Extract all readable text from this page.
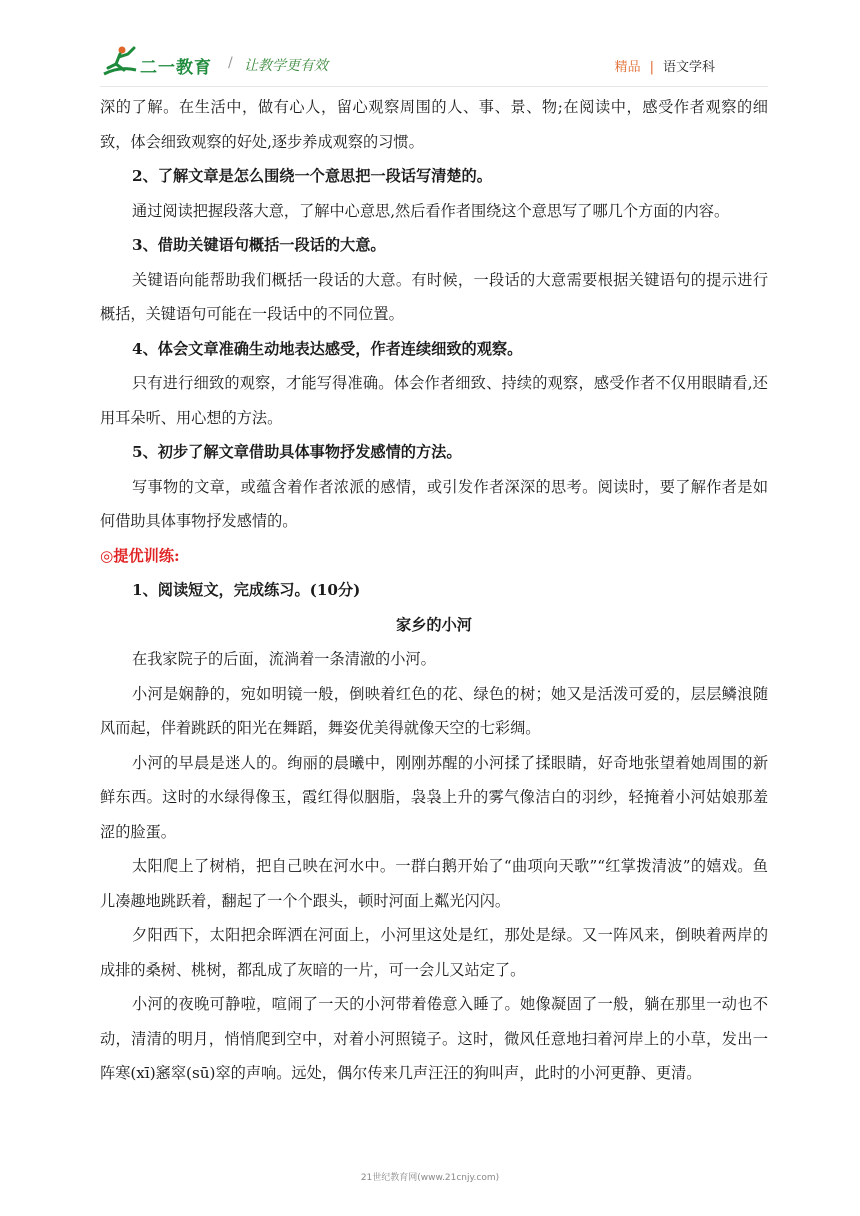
二一教育 / 让教学更有效	精品 | 语文学科

深的了解。在生活中，做有心人，留心观察周围的人、事、景、物;在阅读中，感受作者观察的细致，体会细致观察的好处,逐步养成观察的习惯。

2、了解文章是怎么围绕一个意思把一段话写清楚的。

通过阅读把握段落大意，了解中心意思,然后看作者围绕这个意思写了哪几个方面的内容。

3、借助关键语句概括一段话的大意。

关键语向能帮助我们概括一段话的大意。有时候，一段话的大意需要根据关键语句的提示进行概括，关键语句可能在一段话中的不同位置。

4、体会文章准确生动地表达感受，作者连续细致的观察。

只有进行细致的观察，才能写得准确。体会作者细致、持续的观察，感受作者不仅用眼睛看,还用耳朵听、用心想的方法。

5、初步了解文章借助具体事物抒发感情的方法。

写事物的文章，或蕴含着作者浓派的感情，或引发作者深深的思考。阅读时，要了解作者是如何借助具体事物抒发感情的。

◎提优训练:

1、阅读短文，完成练习。(10分)

家乡的小河

在我家院子的后面，流淌着一条清澈的小河。

小河是娴静的，宛如明镜一般，倒映着红色的花、绿色的树；她又是活泼可爱的，层层鳞浪随风而起，伴着跳跃的阳光在舞蹈，舞姿优美得就像天空的七彩绸。

小河的早晨是迷人的。绚丽的晨曦中，刚刚苏醒的小河揉了揉眼睛，好奇地张望着她周围的新鲜东西。这时的水绿得像玉，霞红得似胭脂，袅袅上升的雾气像洁白的羽纱，轻掩着小河姑娘那羞涩的脸蛋。

太阳爬上了树梢，把自己映在河水中。一群白鹅开始了“曲项向天歌”“红掌拨清波”的嬉戏。鱼儿凑趣地跳跃着，翻起了一个个跟头，顿时河面上粼光闪闪。

夕阳西下，太阳把余晖洒在河面上，小河里这处是红，那处是绿。又一阵风来，倒映着两岸的成排的桑树、桃树，都乱成了灰暗的一片，可一会儿又站定了。

小河的夜晚可静啦，喧闹了一天的小河带着倦意入睡了。她像凝固了一般，躺在那里一动也不动，清清的明月，悄悄爬到空中，对着小河照镜子。这时，微风任意地扫着河岸上的小草，发出一阵寒(xī)窸窣(sū)窣的声响。远处，偶尔传来几声汪汪的狗叫声，此时的小河更静、更清。

21世纪教育网(www.21cnjy.com)
